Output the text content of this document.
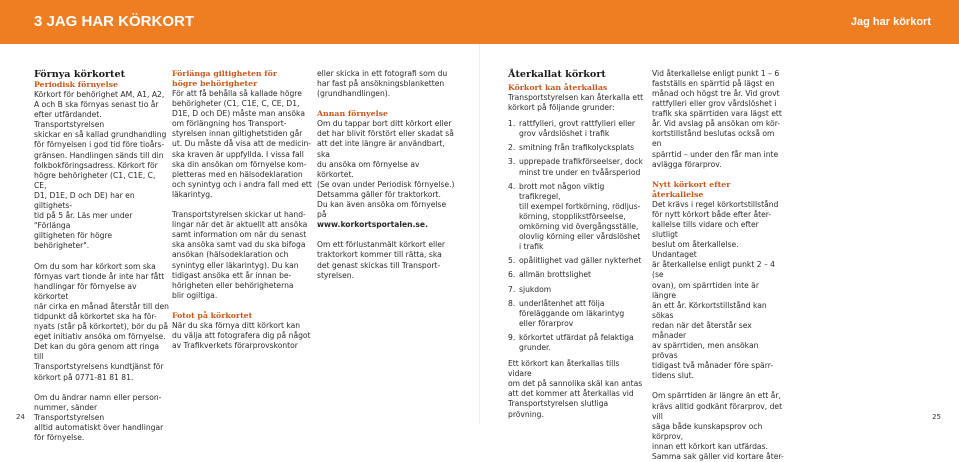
3 JAG HAR KÖRKORT	Jag har körkort
Förnya körkortet
Periodisk förnyelse

Körkort för behörighet AM, A1, A2,

A och B ska förnyas senast tio år

efter utfärdandet. Transportstyrelsen

skickar en så kallad grundhandling

för förnyelsen i god tid före tioårs-

gränsen. Handlingen sänds till din

folkbokföringsadress. Körkort för

högre behörigheter (C1, C1E, C, CE,

D1, D1E, D och DE) har en giltighets-

tid på 5 år. Läs mer under "Förlänga

giltigheten för högre behörigheter".

Om du som har körkort som ska

förnyas vart tionde år inte har fått

handlingar för förnyelse av körkortet

när cirka en månad återstår till den

tidpunkt då körkortet ska ha för-

nyats (står på körkortet), bör du på

eget initiativ ansöka om förnyelse.

Det kan du göra genom att ringa till

Transportstyrelsens kundtjänst för

körkort på 0771-81 81 81.

Om du ändrar namn eller person-

nummer, sänder Transportstyrelsen

alltid automatiskt över handlingar

för förnyelse.

Förlänga giltigheten för
högre behörigheter

För att få behålla så kallade högre

behörigheter (C1, C1E, C, CE, D1,

D1E, D och DE) måste man ansöka

om förlängning hos Transport-

styrelsen innan giltighetstiden går

ut. Du måste då visa att de medicin-

ska kraven är uppfyllda. I vissa fall

ska din ansökan om förnyelse kom-

pletteras med en hälsodeklaration

och synintyg och i andra fall med ett

läkarintyg.

Transportstyrelsen skickar ut hand-

lingar när det är aktuellt att ansöka

samt information om när du senast

ska ansöka samt vad du ska bifoga

ansökan (hälsodeklaration och

synintyg eller läkarintyg). Du kan

tidigast ansöka ett år innan be-

hörigheten eller behörigheterna

blir ogiltiga.

Fotot på körkortet

När du ska förnya ditt körkort kan

du välja att fotografera dig på något

av Trafikverkets förarprovskontor

eller skicka in ett fotografi som du

har fast på ansökningsblanketten

(grundhandlingen).

Annan förnyelse

Om du tappar bort ditt körkort eller

det har blivit förstört eller skadat så

att det inte längre är användbart, ska

du ansöka om förnyelse av körkortet.

(Se ovan under Periodisk förnyelse.)

Detsamma gäller för traktorkort.

Du kan även ansöka om förnyelse på

www.korkortsportalen.se.

Om ett förlustanmält körkort eller

traktorkort kommer till rätta, ska

det genast skickas till Transport-

styrelsen.

Återkallat körkort
Körkort kan återkallas

Transportstyrelsen kan återkalla ett

körkort på följande grunder:

1. rattfylleri, grovt rattfylleri eller

grov vårdslöshet i trafik

2. smitning från trafikolycksplats

3. upprepade trafikförseelser, dock

minst tre under en tvåårsperiod

4. brott mot någon viktig trafikregel,

till exempel fortkörning, rödljus-

körning, stopplikstförseelse,

omkörning vid övergångsställe,

olovlig körning eller vårdslöshet

i trafik

5. opålitlighet vad gäller nykterhet

6. allmän brottslighet

7. sjukdom

8. underlåtenhet att följa

föreläggande om läkarintyg

eller förarprov

9. körkortet utfärdat på felaktiga

grunder.

Ett körkort kan återkallas tills vidare

om det på sannolika skäl kan antas

att det kommer att återkallas vid

Transportstyrelsen slutliga prövning.

Vid återkallelse enligt punkt 1 – 6

fastställs en spärrtid på lägst en

månad och högst tre år. Vid grovt

rattfylleri eller grov vårdslöshet i

trafik ska spärrtiden vara lägst ett

år. Vid avslag på ansökan om kör-

kortstillstånd beslutas också om en

spärrtid – under den får man inte

avlägga förarprov.

Nytt körkort efter återkallelse

Det krävs i regel körkortstillstånd

för nytt körkort både efter åter-

kallelse tills vidare och efter slutligt

beslut om återkallelse. Undantaget

är återkallelse enligt punkt 2 – 4 (se

ovan), om spärrtiden inte är längre

än ett år. Körkortstillstånd kan sökas

redan när det återstår sex månader

av spärrtiden, men ansökan prövas

tidigast två månader före spärr-

tidens slut.

Om spärrtiden är längre än ett år,

krävs alltid godkänt förarprov, det vill

säga både kunskapsprov och körprov,

innan ett körkort kan utfärdas.

Samma sak gäller vid kortare åter-

24	25
